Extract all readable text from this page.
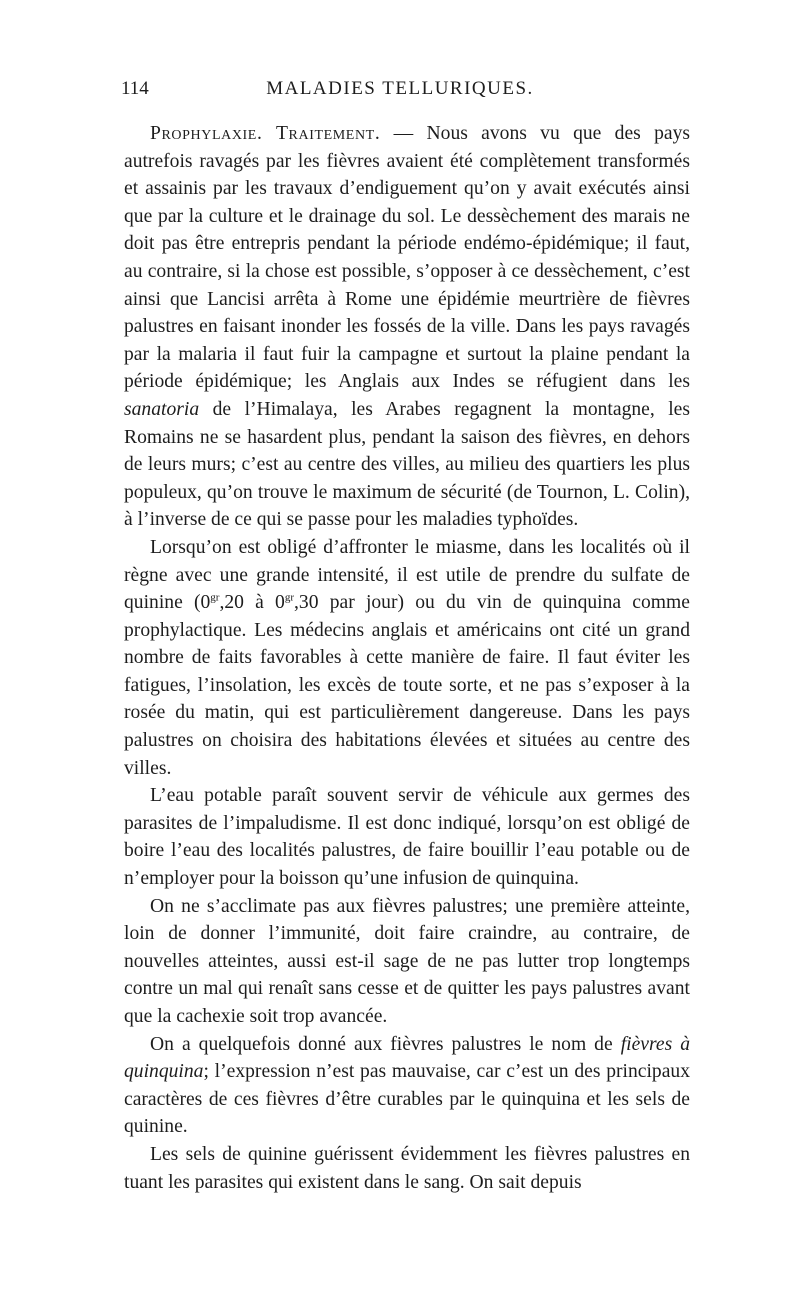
114	MALADIES TELLURIQUES.

Prophylaxie. Traitement. — Nous avons vu que des pays autrefois ravagés par les fièvres avaient été complètement transformés et assainis par les travaux d’endiguement qu’on y avait exécutés ainsi que par la culture et le drainage du sol. Le dessèchement des marais ne doit pas être entrepris pendant la période endémo-épidémique; il faut, au contraire, si la chose est possible, s’opposer à ce dessèchement, c’est ainsi que Lancisi arrêta à Rome une épidémie meurtrière de fièvres palustres en faisant inonder les fossés de la ville. Dans les pays ravagés par la malaria il faut fuir la campagne et surtout la plaine pendant la période épidémique; les Anglais aux Indes se réfugient dans les sanatoria de l’Himalaya, les Arabes regagnent la montagne, les Romains ne se hasardent plus, pendant la saison des fièvres, en dehors de leurs murs; c’est au centre des villes, au milieu des quartiers les plus populeux, qu’on trouve le maximum de sécurité (de Tournon, L. Colin), à l’inverse de ce qui se passe pour les maladies typhoïdes.

Lorsqu’on est obligé d’affronter le miasme, dans les localités où il règne avec une grande intensité, il est utile de prendre du sulfate de quinine ($0^{gr},20$ à $0^{gr},30$ par jour) ou du vin de quinquina comme prophylactique. Les médecins anglais et américains ont cité un grand nombre de faits favorables à cette manière de faire. Il faut éviter les fatigues, l’insolation, les excès de toute sorte, et ne pas s’exposer à la rosée du matin, qui est particulièrement dangereuse. Dans les pays palustres on choisira des habitations élevées et situées au centre des villes.

L’eau potable paraît souvent servir de véhicule aux germes des parasites de l’impaludisme. Il est donc indiqué, lorsqu’on est obligé de boire l’eau des localités palustres, de faire bouillir l’eau potable ou de n’employer pour la boisson qu’une infusion de quinquina.

On ne s’acclimate pas aux fièvres palustres; une première atteinte, loin de donner l’immunité, doit faire craindre, au contraire, de nouvelles atteintes, aussi est-il sage de ne pas lutter trop longtemps contre un mal qui renaît sans cesse et de quitter les pays palustres avant que la cachexie soit trop avancée.

On a quelquefois donné aux fièvres palustres le nom de fièvres à quinquina; l’expression n’est pas mauvaise, car c’est un des principaux caractères de ces fièvres d’être curables par le quinquina et les sels de quinine.

Les sels de quinine guérissent évidemment les fièvres palustres en tuant les parasites qui existent dans le sang. On sait depuis
